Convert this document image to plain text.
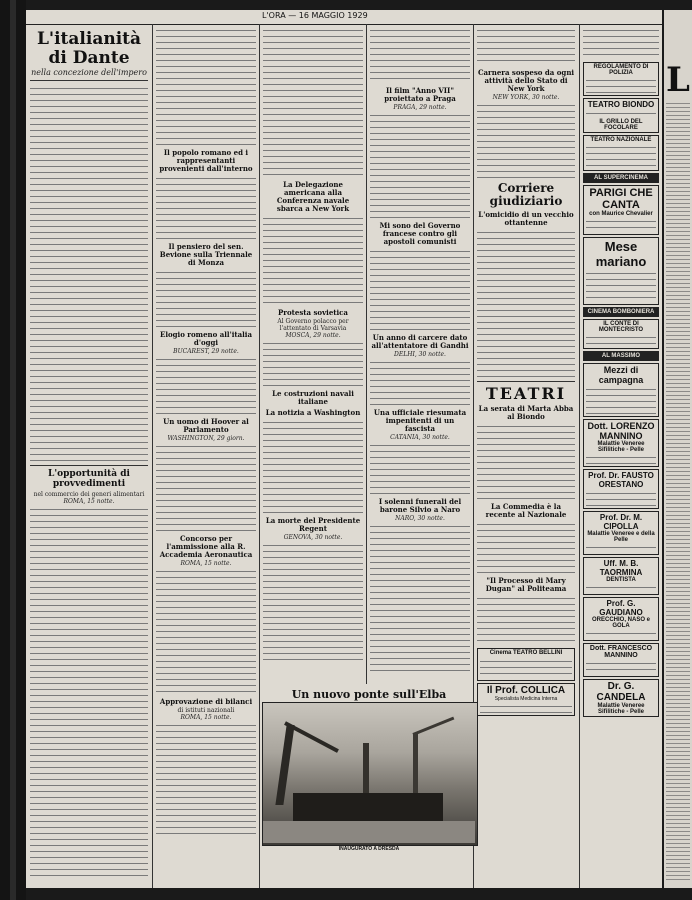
L'ORA — 16 MAGGIO 1929
L'italianità di Dante
nella concezione dell'impero
L'opportunità di provvedimenti
nel commercio dei generi alimentari
ROMA, 15 notte.
Il popolo romano ed i rappresentanti provenienti dall'interno
Il pensiero del sen. Bevione sulla Triennale di Monza
Elogio romeno all'italia d'oggi
BUCAREST, 29 notte.
Un uomo di Hoover al Parlamento
WASHINGTON, 29 giorn.
Concorso per l'ammissione alla R. Accademia Aeronautica
ROMA, 15 notte.
Approvazione di bilanci
di istituti nazionali
ROMA, 15 notte.
La Delegazione americana alla Conferenza navale sbarca a New York
Protesta sovietica
Al Governo polacco per l'attentato di Varsavia
MOSCA, 29 notte.
Le costruzioni navali italiane
La notizia a Washington
La morte del Presidente Regent
GENOVA, 30 notte.
Il film "Anno VII" proiettato a Praga
PRAGA, 29 notte.
Mi sono del Governo francese contro gli apostoli comunisti
Un anno di carcere dato all'attentatore di Gandhi
DELHI, 30 notte.
Una ufficiale riesumata impenitenti di un fascista
CATANIA, 30 notte.
I solenni funerali del barone Silvio a Naro
NARO, 30 notte.
Carnera sospeso da ogni attività dello Stato di New York
NEW YORK, 30 notte.
Corriere giudiziario
L'omicidio di un vecchio ottantenne
TEATRI
La serata di Marta Abba al Biondo
La Commedia è la recente al Nazionale
"Il Processo di Mary Dugan" al Politeama
Cinema TEATRO BELLINI
Il Prof. COLLICA
Specialista Medicina Interna
REGOLAMENTO DI POLIZIA
TEATRO BIONDO
IL GRILLO DEL FOCOLARE
TEATRO NAZIONALE
AL SUPERCINEMA
PARIGI CHE CANTA
con Maurice Chevalier
Mese mariano
CINEMA BOMBONIERA
IL CONTE DI MONTECRISTO
AL MASSIMO
Mezzi di campagna
Dott. LORENZO MANNINO
Malattie Veneree Sifilitiche - Pelle
Prof. Dr. FAUSTO ORESTANO
Prof. Dr. M. CIPOLLA
Malattie Veneree e della Pelle
Uff. M. B. TAORMINA
DENTISTA
Prof. G. GAUDIANO
ORECCHIO, NASO e GOLA
Dott. FRANCESCO MANNINO
Dr. G. CANDELA
Malattie Veneree Sifilitiche - Pelle
Un nuovo ponte sull'Elba
INAUGURATO A DRESDA
L
